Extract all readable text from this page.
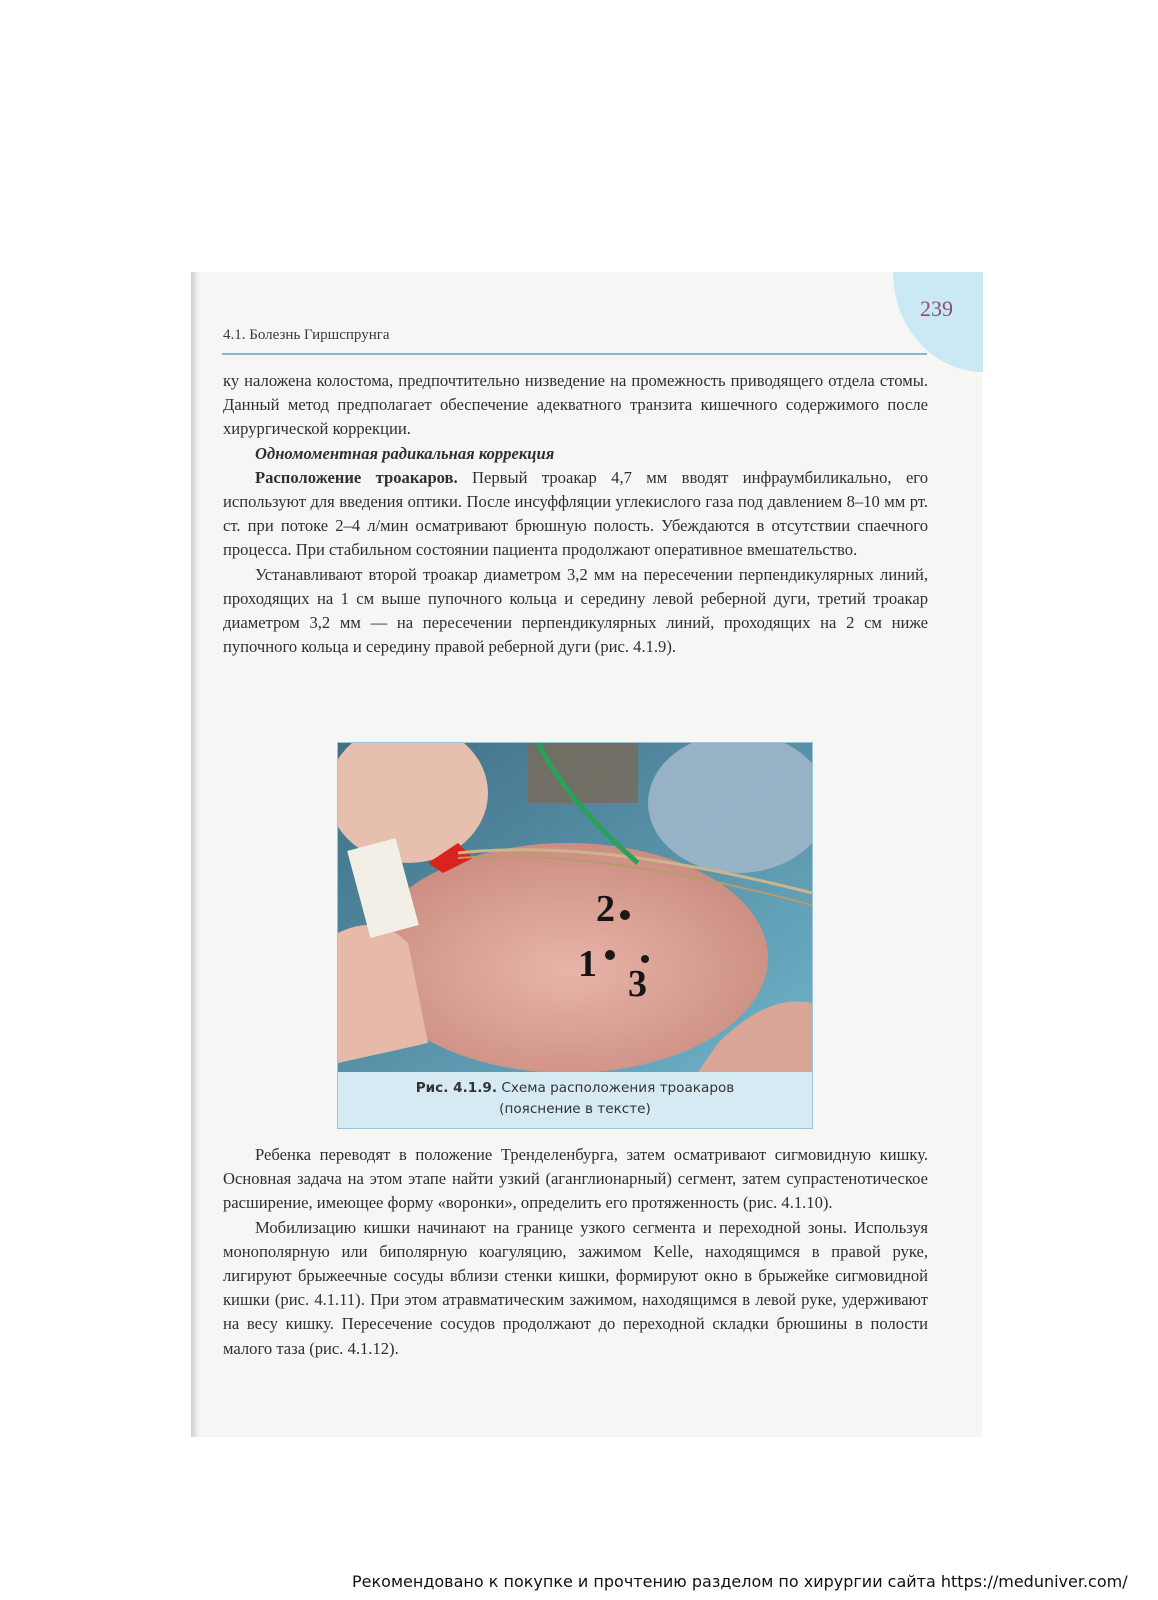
239
4.1. Болезнь Гиршспрунга

ку наложена колостома, предпочтительно низведение на промежность приводящего отдела стомы. Данный метод предполагает обеспечение адекватного транзита кишечного содержимого после хирургической коррекции.

Одномоментная радикальная коррекция

Расположение троакаров. Первый троакар 4,7 мм вводят инфраумбиликально, его используют для введения оптики. После инсуффляции углекислого газа под давлением 8–10 мм рт. ст. при потоке 2–4 л/мин осматривают брюшную полость. Убеждаются в отсутствии спаечного процесса. При стабильном состоянии пациента продолжают оперативное вмешательство.

Устанавливают второй троакар диаметром 3,2 мм на пересечении перпендикулярных линий, проходящих на 1 см выше пупочного кольца и середину левой реберной дуги, третий троакар диаметром 3,2 мм — на пересечении перпендикулярных линий, проходящих на 2 см ниже пупочного кольца и середину правой реберной дуги (рис. 4.1.9).

2
1 3
Рис. 4.1.9. Схема расположения троакаров
(пояснение в тексте)

Ребенка переводят в положение Тренделенбурга, затем осматривают сигмовидную кишку. Основная задача на этом этапе найти узкий (аганглионарный) сегмент, затем супрастенотическое расширение, имеющее форму «воронки», определить его протяженность (рис. 4.1.10).

Мобилизацию кишки начинают на границе узкого сегмента и переходной зоны. Используя монополярную или биполярную коагуляцию, зажимом Kelle, находящимся в правой руке, лигируют брыжеечные сосуды вблизи стенки кишки, формируют окно в брыжейке сигмовидной кишки (рис. 4.1.11). При этом атравматическим зажимом, находящимся в левой руке, удерживают на весу кишку. Пересечение сосудов продолжают до переходной складки брюшины в полости малого таза (рис. 4.1.12).

Рекомендовано к покупке и прочтению разделом по хирургии сайта https://meduniver.com/
